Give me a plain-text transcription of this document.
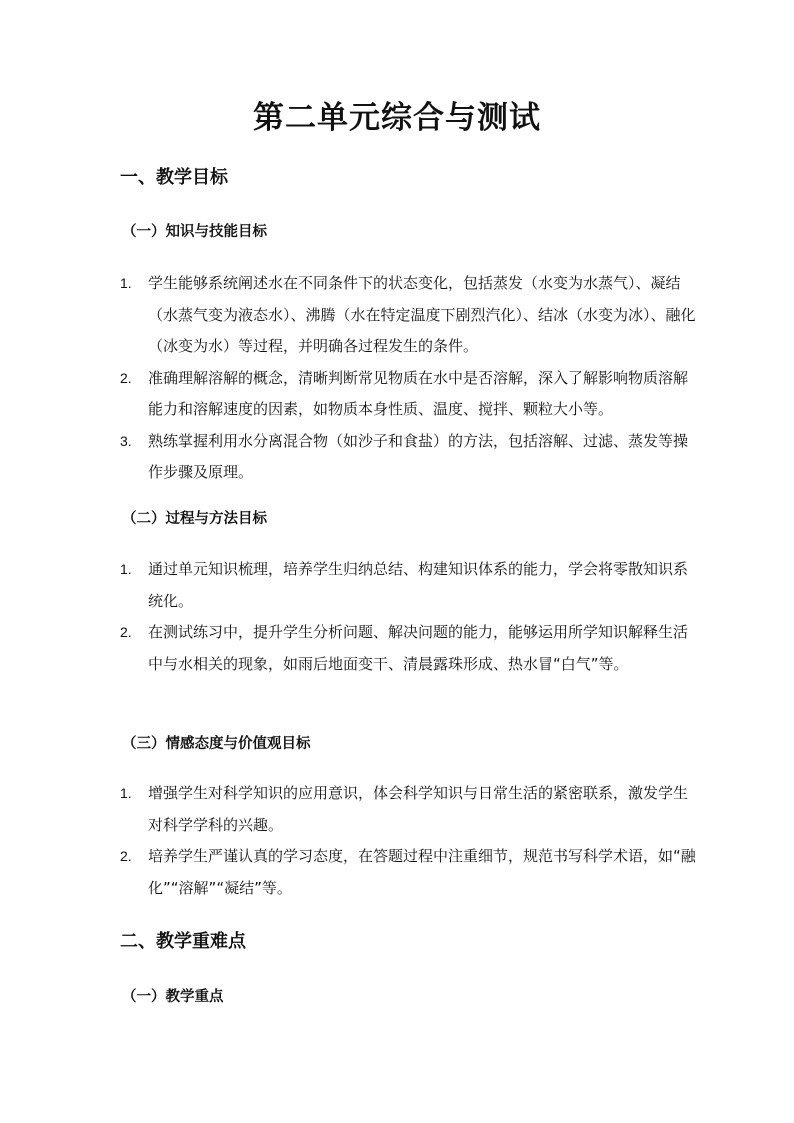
第二单元综合与测试
一、教学目标
（一）知识与技能目标
1. 学生能够系统阐述水在不同条件下的状态变化，包括蒸发（水变为水蒸气）、凝结（水蒸气变为液态水）、沸腾（水在特定温度下剧烈汽化）、结冰（水变为冰）、融化（冰变为水）等过程，并明确各过程发生的条件。
2. 准确理解溶解的概念，清晰判断常见物质在水中是否溶解，深入了解影响物质溶解能力和溶解速度的因素，如物质本身性质、温度、搅拌、颗粒大小等。
3. 熟练掌握利用水分离混合物（如沙子和食盐）的方法，包括溶解、过滤、蒸发等操作步骤及原理。
（二）过程与方法目标
1. 通过单元知识梳理，培养学生归纳总结、构建知识体系的能力，学会将零散知识系统化。
2. 在测试练习中，提升学生分析问题、解决问题的能力，能够运用所学知识解释生活中与水相关的现象，如雨后地面变干、清晨露珠形成、热水冒“白气”等。
（三）情感态度与价值观目标
1. 增强学生对科学知识的应用意识，体会科学知识与日常生活的紧密联系，激发学生对科学学科的兴趣。
2. 培养学生严谨认真的学习态度，在答题过程中注重细节，规范书写科学术语，如“融化”“溶解”“凝结”等。
二、教学重难点
（一）教学重点
